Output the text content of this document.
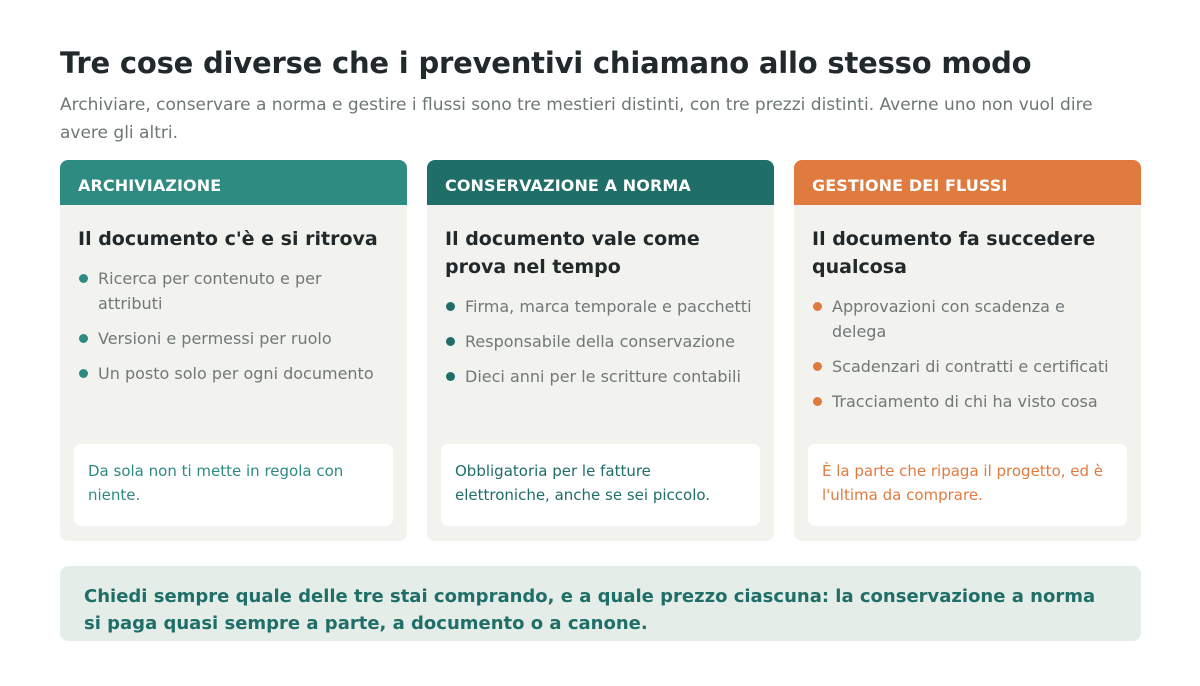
Tre cose diverse che i preventivi chiamano allo stesso modo
Archiviare, conservare a norma e gestire i flussi sono tre mestieri distinti, con tre prezzi distinti. Averne uno non vuol dire avere gli altri.
ARCHIVIAZIONE
Il documento c'è e si ritrova
Ricerca per contenuto e per attributi
Versioni e permessi per ruolo
Un posto solo per ogni documento
Da sola non ti mette in regola con niente.
CONSERVAZIONE A NORMA
Il documento vale come prova nel tempo
Firma, marca temporale e pacchetti
Responsabile della conservazione
Dieci anni per le scritture contabili
Obbligatoria per le fatture elettroniche, anche se sei piccolo.
GESTIONE DEI FLUSSI
Il documento fa succedere qualcosa
Approvazioni con scadenza e delega
Scadenzari di contratti e certificati
Tracciamento di chi ha visto cosa
È la parte che ripaga il progetto, ed è l'ultima da comprare.
Chiedi sempre quale delle tre stai comprando, e a quale prezzo ciascuna: la conservazione a norma si paga quasi sempre a parte, a documento o a canone.
